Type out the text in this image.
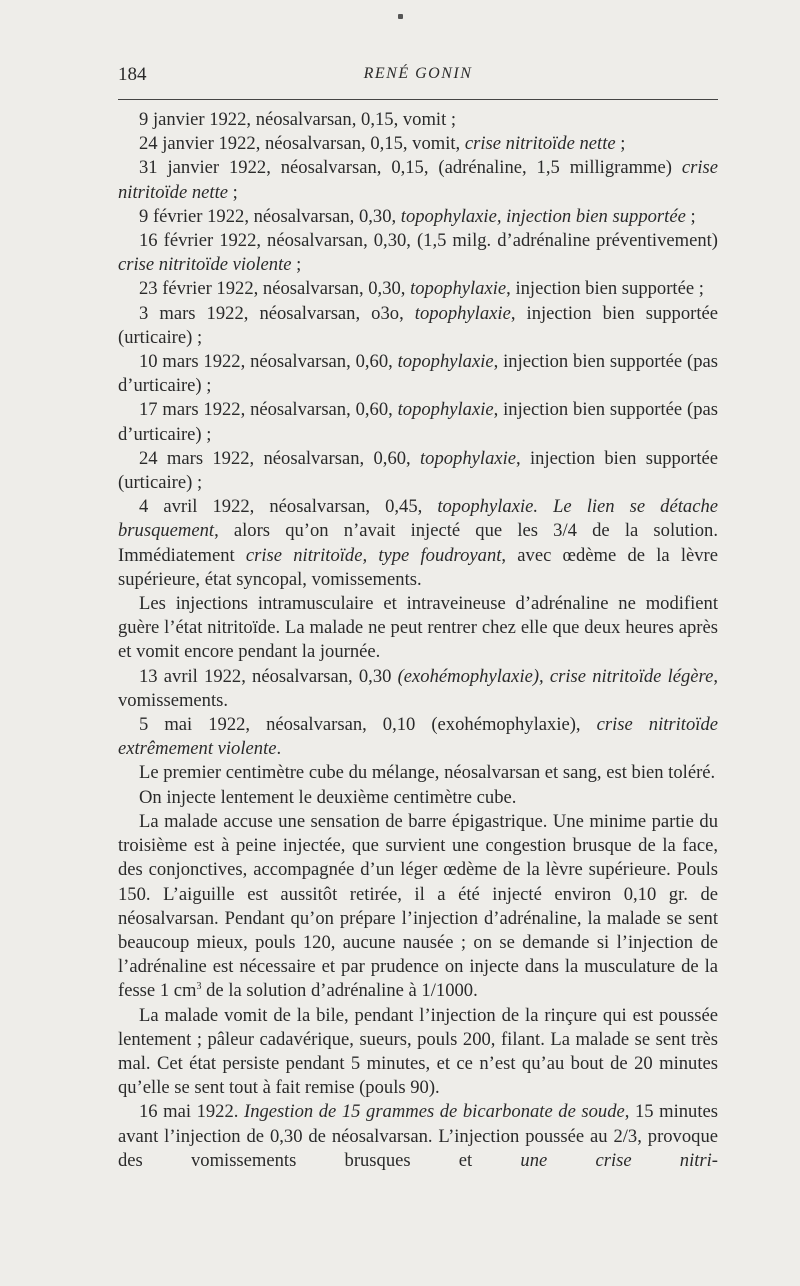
184	RENÉ GONIN

9 janvier 1922, néosalvarsan, 0,15, vomit ;

24 janvier 1922, néosalvarsan, 0,15, vomit, crise nitritoïde nette ;

31 janvier 1922, néosalvarsan, 0,15, (adrénaline, 1,5 milligramme) crise nitritoïde nette ;

9 février 1922, néosalvarsan, 0,30, topophylaxie, injection bien supportée ;

16 février 1922, néosalvarsan, 0,30, (1,5 milg. d’adrénaline préventivement) crise nitritoïde violente ;

23 février 1922, néosalvarsan, 0,30, topophylaxie, injection bien supportée ;

3 mars 1922, néosalvarsan, o3o, topophylaxie, injection bien supportée (urticaire) ;

10 mars 1922, néosalvarsan, 0,60, topophylaxie, injection bien supportée (pas d’urticaire) ;

17 mars 1922, néosalvarsan, 0,60, topophylaxie, injection bien supportée (pas d’urticaire) ;

24 mars 1922, néosalvarsan, 0,60, topophylaxie, injection bien supportée (urticaire) ;

4 avril 1922, néosalvarsan, 0,45, topophylaxie. Le lien se détache brusquement, alors qu’on n’avait injecté que les 3/4 de la solution. Immédiatement crise nitritoïde, type foudroyant, avec œdème de la lèvre supérieure, état syncopal, vomissements.

Les injections intramusculaire et intraveineuse d’adrénaline ne modifient guère l’état nitritoïde. La malade ne peut rentrer chez elle que deux heures après et vomit encore pendant la journée.

13 avril 1922, néosalvarsan, 0,30 (exohémophylaxie), crise nitritoïde légère, vomissements.

5 mai 1922, néosalvarsan, 0,10 (exohémophylaxie), crise nitritoïde extrêmement violente.

Le premier centimètre cube du mélange, néosalvarsan et sang, est bien toléré.

On injecte lentement le deuxième centimètre cube.

La malade accuse une sensation de barre épigastrique. Une minime partie du troisième est à peine injectée, que survient une congestion brusque de la face, des conjonctives, accompagnée d’un léger œdème de la lèvre supérieure. Pouls 150. L’aiguille est aussitôt retirée, il a été injecté environ 0,10 gr. de néosalvarsan. Pendant qu’on prépare l’injection d’adrénaline, la malade se sent beaucoup mieux, pouls 120, aucune nausée ; on se demande si l’injection de l’adrénaline est nécessaire et par prudence on injecte dans la musculature de la fesse 1 $cm^3$ de la solution d’adrénaline à 1/1000.

La malade vomit de la bile, pendant l’injection de la rinçure qui est poussée lentement ; pâleur cadavérique, sueurs, pouls 200, filant. La malade se sent très mal. Cet état persiste pendant 5 minutes, et ce n’est qu’au bout de 20 minutes qu’elle se sent tout à fait remise (pouls 90).

16 mai 1922. Ingestion de 15 grammes de bicarbonate de soude, 15 minutes avant l’injection de 0,30 de néosalvarsan. L’injection poussée au 2/3, provoque des vomissements brusques et une crise nitri-
